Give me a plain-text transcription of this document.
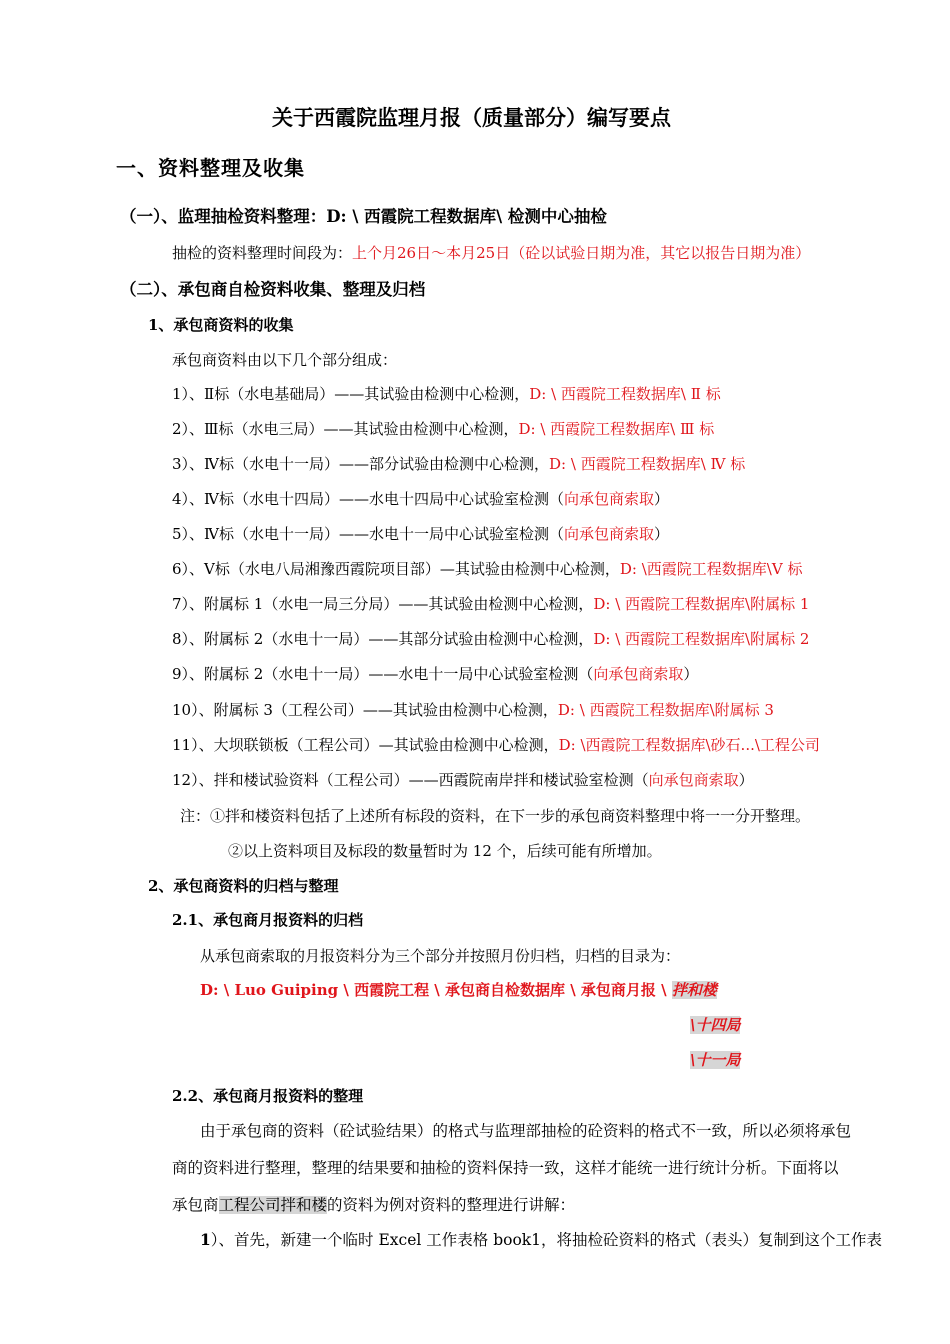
关于西霞院监理月报（质量部分）编写要点
一、资料整理及收集
（一）、监理抽检资料整理：D: \ 西霞院工程数据库\ 检测中心抽检
抽检的资料整理时间段为：上个月26日～本月25日（砼以试验日期为准，其它以报告日期为准）
（二）、承包商自检资料收集、整理及归档
1、承包商资料的收集
承包商资料由以下几个部分组成：
1）、Ⅱ标（水电基础局）——其试验由检测中心检测，D: \ 西霞院工程数据库\ Ⅱ 标
2）、Ⅲ标（水电三局）——其试验由检测中心检测，D: \ 西霞院工程数据库\ Ⅲ 标
3）、Ⅳ标（水电十一局）——部分试验由检测中心检测，D: \ 西霞院工程数据库\ Ⅳ 标
4）、Ⅳ标（水电十四局）——水电十四局中心试验室检测（向承包商索取）
5）、Ⅳ标（水电十一局）——水电十一局中心试验室检测（向承包商索取）
6）、Ⅴ标（水电八局湘豫西霞院项目部）—其试验由检测中心检测，D: \西霞院工程数据库\Ⅴ 标
7）、附属标 1（水电一局三分局）——其试验由检测中心检测，D: \ 西霞院工程数据库\附属标 1
8）、附属标 2（水电十一局）——其部分试验由检测中心检测，D: \ 西霞院工程数据库\附属标 2
9）、附属标 2（水电十一局）——水电十一局中心试验室检测（向承包商索取）
10）、附属标 3（工程公司）——其试验由检测中心检测，D: \ 西霞院工程数据库\附属标 3
11）、大坝联锁板（工程公司）—其试验由检测中心检测，D: \西霞院工程数据库\砂石...\工程公司
12）、拌和楼试验资料（工程公司）——西霞院南岸拌和楼试验室检测（向承包商索取）
注：①拌和楼资料包括了上述所有标段的资料，在下一步的承包商资料整理中将一一分开整理。
②以上资料项目及标段的数量暂时为 12 个，后续可能有所增加。
2、承包商资料的归档与整理
2.1、承包商月报资料的归档
从承包商索取的月报资料分为三个部分并按照月份归档，归档的目录为：
D: \ Luo Guiping \ 西霞院工程 \ 承包商自检数据库 \ 承包商月报 \ 拌和楼
\十四局
\十一局
2.2、承包商月报资料的整理
由于承包商的资料（砼试验结果）的格式与监理部抽检的砼资料的格式不一致，所以必须将承包
商的资料进行整理，整理的结果要和抽检的资料保持一致，这样才能统一进行统计分析。下面将以
承包商工程公司拌和楼的资料为例对资料的整理进行讲解：
1）、首先，新建一个临时 Excel 工作表格 book1，将抽检砼资料的格式（表头）复制到这个工作表
